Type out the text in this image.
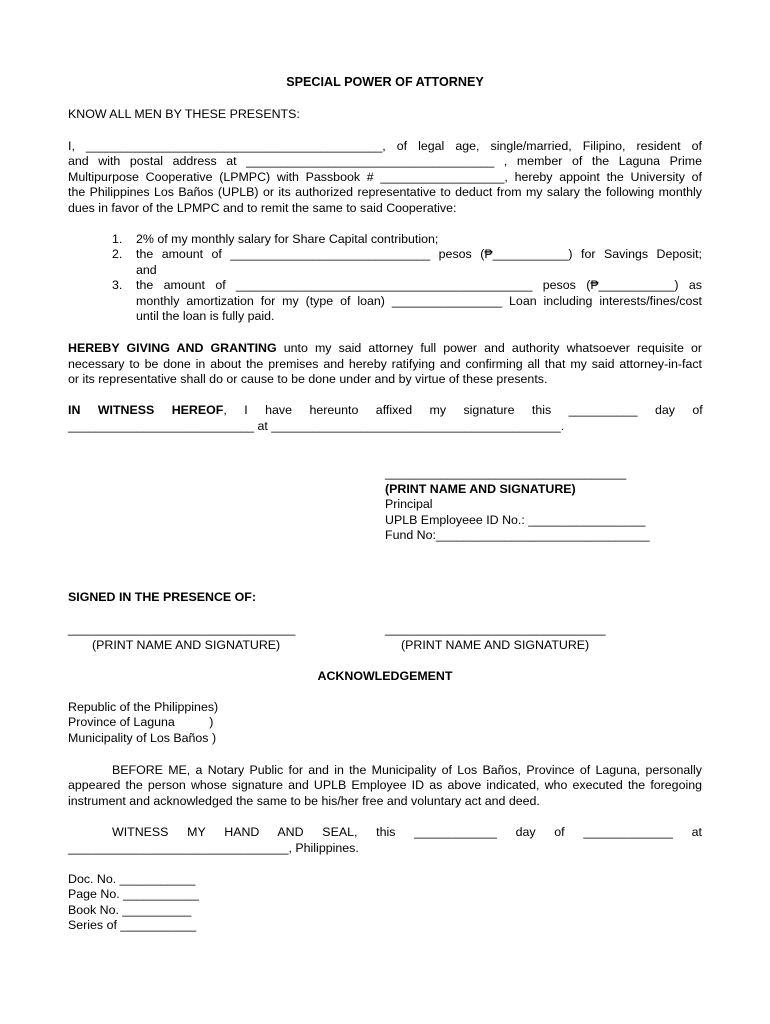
SPECIAL POWER OF ATTORNEY
KNOW ALL MEN BY THESE PRESENTS:
I, ___________________________________________, of legal age, single/married, Filipino, resident of
and with postal address at ____________________________________ , member of the Laguna Prime
Multipurpose Cooperative (LPMPC) with Passbook # __________________, hereby appoint the University of
the Philippines Los Baños (UPLB) or its authorized representative to deduct from my salary the following monthly
dues in favor of the LPMPC and to remit the same to said Cooperative:
1. 2% of my monthly salary for Share Capital contribution;
2. the amount of _____________________________ pesos (₱___________) for Savings Deposit;
and
3. the amount of ___________________________________________ pesos (₱___________) as
monthly amortization for my (type of loan) ________________ Loan including interests/fines/cost
until the loan is fully paid.
HEREBY GIVING AND GRANTING unto my said attorney full power and authority whatsoever requisite or
necessary to be done in about the premises and hereby ratifying and confirming all that my said attorney-in-fact
or its representative shall do or cause to be done under and by virtue of these presents.
IN WITNESS HEREOF, I have hereunto affixed my signature this __________ day of
___________________________ at __________________________________________.
___________________________________
(PRINT NAME AND SIGNATURE)
Principal
UPLB Employeee ID No.: _________________
Fund No:_______________________________
SIGNED IN THE PRESENCE OF:
_________________________________	________________________________
(PRINT NAME AND SIGNATURE)	(PRINT NAME AND SIGNATURE)
ACKNOWLEDGEMENT
Republic of the Philippines)
Province of Laguna          )
Municipality of Los Baños )
BEFORE ME, a Notary Public for and in the Municipality of Los Baños, Province of Laguna, personally
appeared the person whose signature and UPLB Employee ID as above indicated, who executed the foregoing
instrument and acknowledged the same to be his/her free and voluntary act and deed.
WITNESS MY HAND AND SEAL, this ____________ day of _____________ at
________________________________, Philippines.
Doc. No. ___________
Page No. ___________
Book No. __________
Series of ___________
